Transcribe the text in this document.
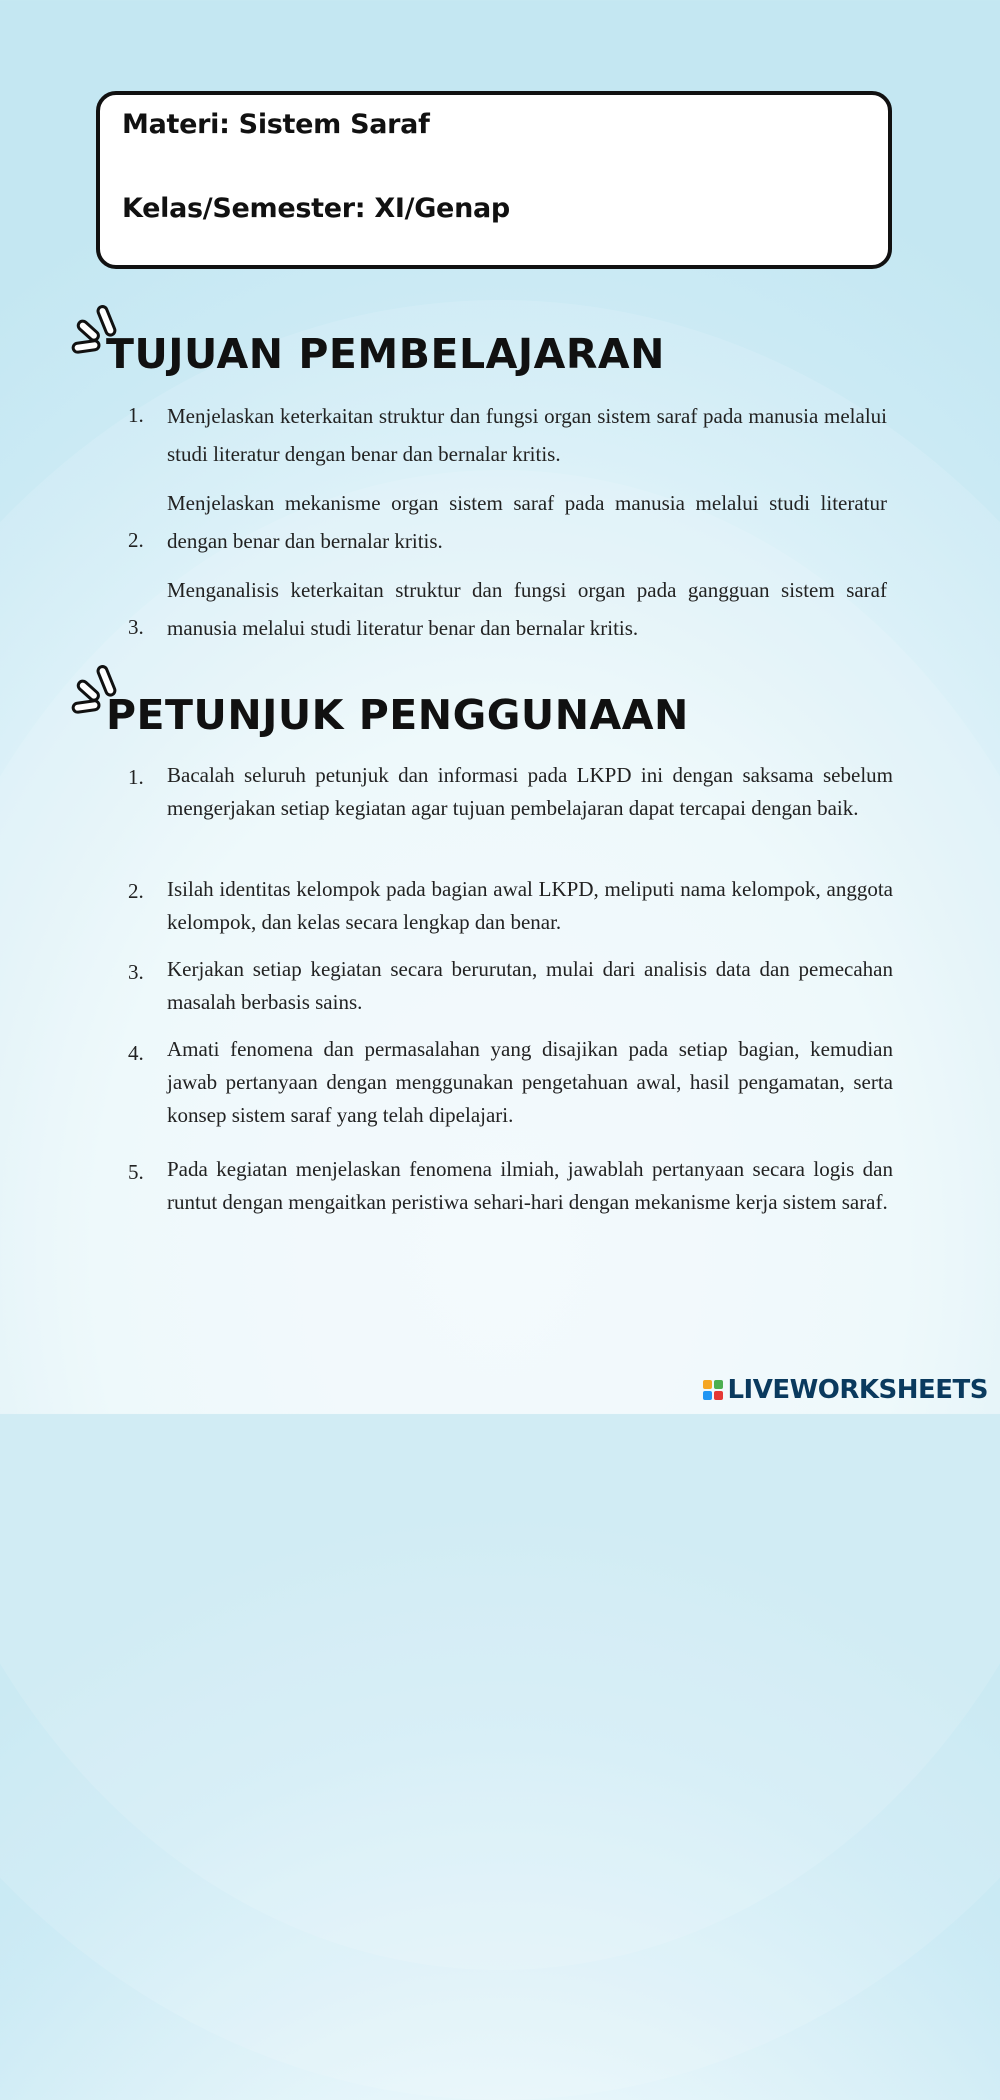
Materi: Sistem Saraf
Kelas/Semester: XI/Genap
TUJUAN PEMBELAJARAN
1. Menjelaskan keterkaitan struktur dan fungsi organ sistem saraf pada manusia melalui studi literatur dengan benar dan bernalar kritis.
2.
Menjelaskan mekanisme organ sistem saraf pada manusia melalui studi literatur dengan benar dan bernalar kritis.
3.
Menganalisis keterkaitan struktur dan fungsi organ pada gangguan sistem saraf manusia melalui studi literatur benar dan bernalar kritis.
PETUNJUK PENGGUNAAN
1. Bacalah seluruh petunjuk dan informasi pada LKPD ini dengan saksama sebelum mengerjakan setiap kegiatan agar tujuan pembelajaran dapat tercapai dengan baik.
2. Isilah identitas kelompok pada bagian awal LKPD, meliputi nama kelompok, anggota kelompok, dan kelas secara lengkap dan benar.
3. Kerjakan setiap kegiatan secara berurutan, mulai dari analisis data dan pemecahan masalah berbasis sains.
4. Amati fenomena dan permasalahan yang disajikan pada setiap bagian, kemudian jawab pertanyaan dengan menggunakan pengetahuan awal, hasil pengamatan, serta konsep sistem saraf yang telah dipelajari.
5. Pada kegiatan menjelaskan fenomena ilmiah, jawablah pertanyaan secara logis dan runtut dengan mengaitkan peristiwa sehari-hari dengan mekanisme kerja sistem saraf.
LIVEWORKSHEETS
